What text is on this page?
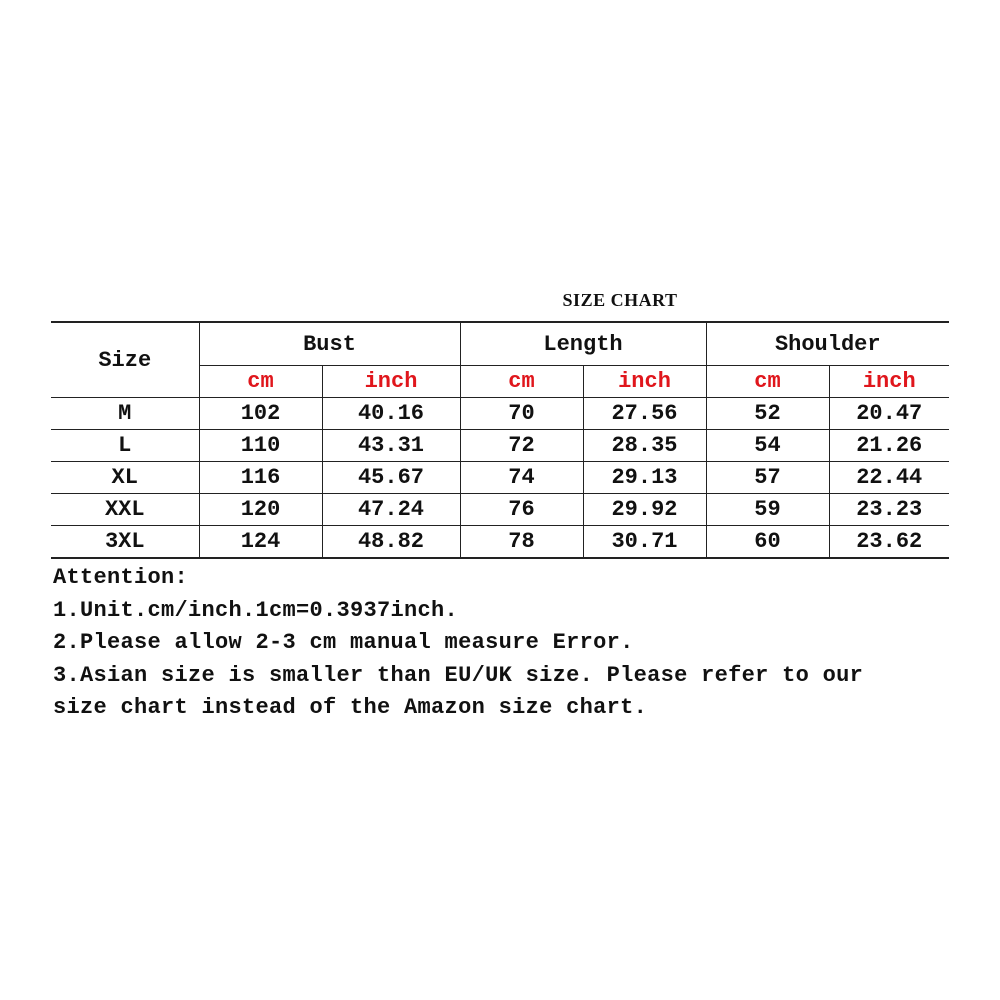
SIZE CHART
Size	Bust		Length		Shoulder	
	cm	inch	cm	inch	cm	inch
M	102	40.16	70	27.56	52	20.47
L	110	43.31	72	28.35	54	21.26
XL	116	45.67	74	29.13	57	22.44
XXL	120	47.24	76	29.92	59	23.23
3XL	124	48.82	78	30.71	60	23.62
Attention:
1.Unit.cm/inch.1cm=0.3937inch.
2.Please allow 2-3 cm manual measure Error.
3.Asian size is smaller than EU/UK size. Please refer to our
size chart instead of the Amazon size chart.
